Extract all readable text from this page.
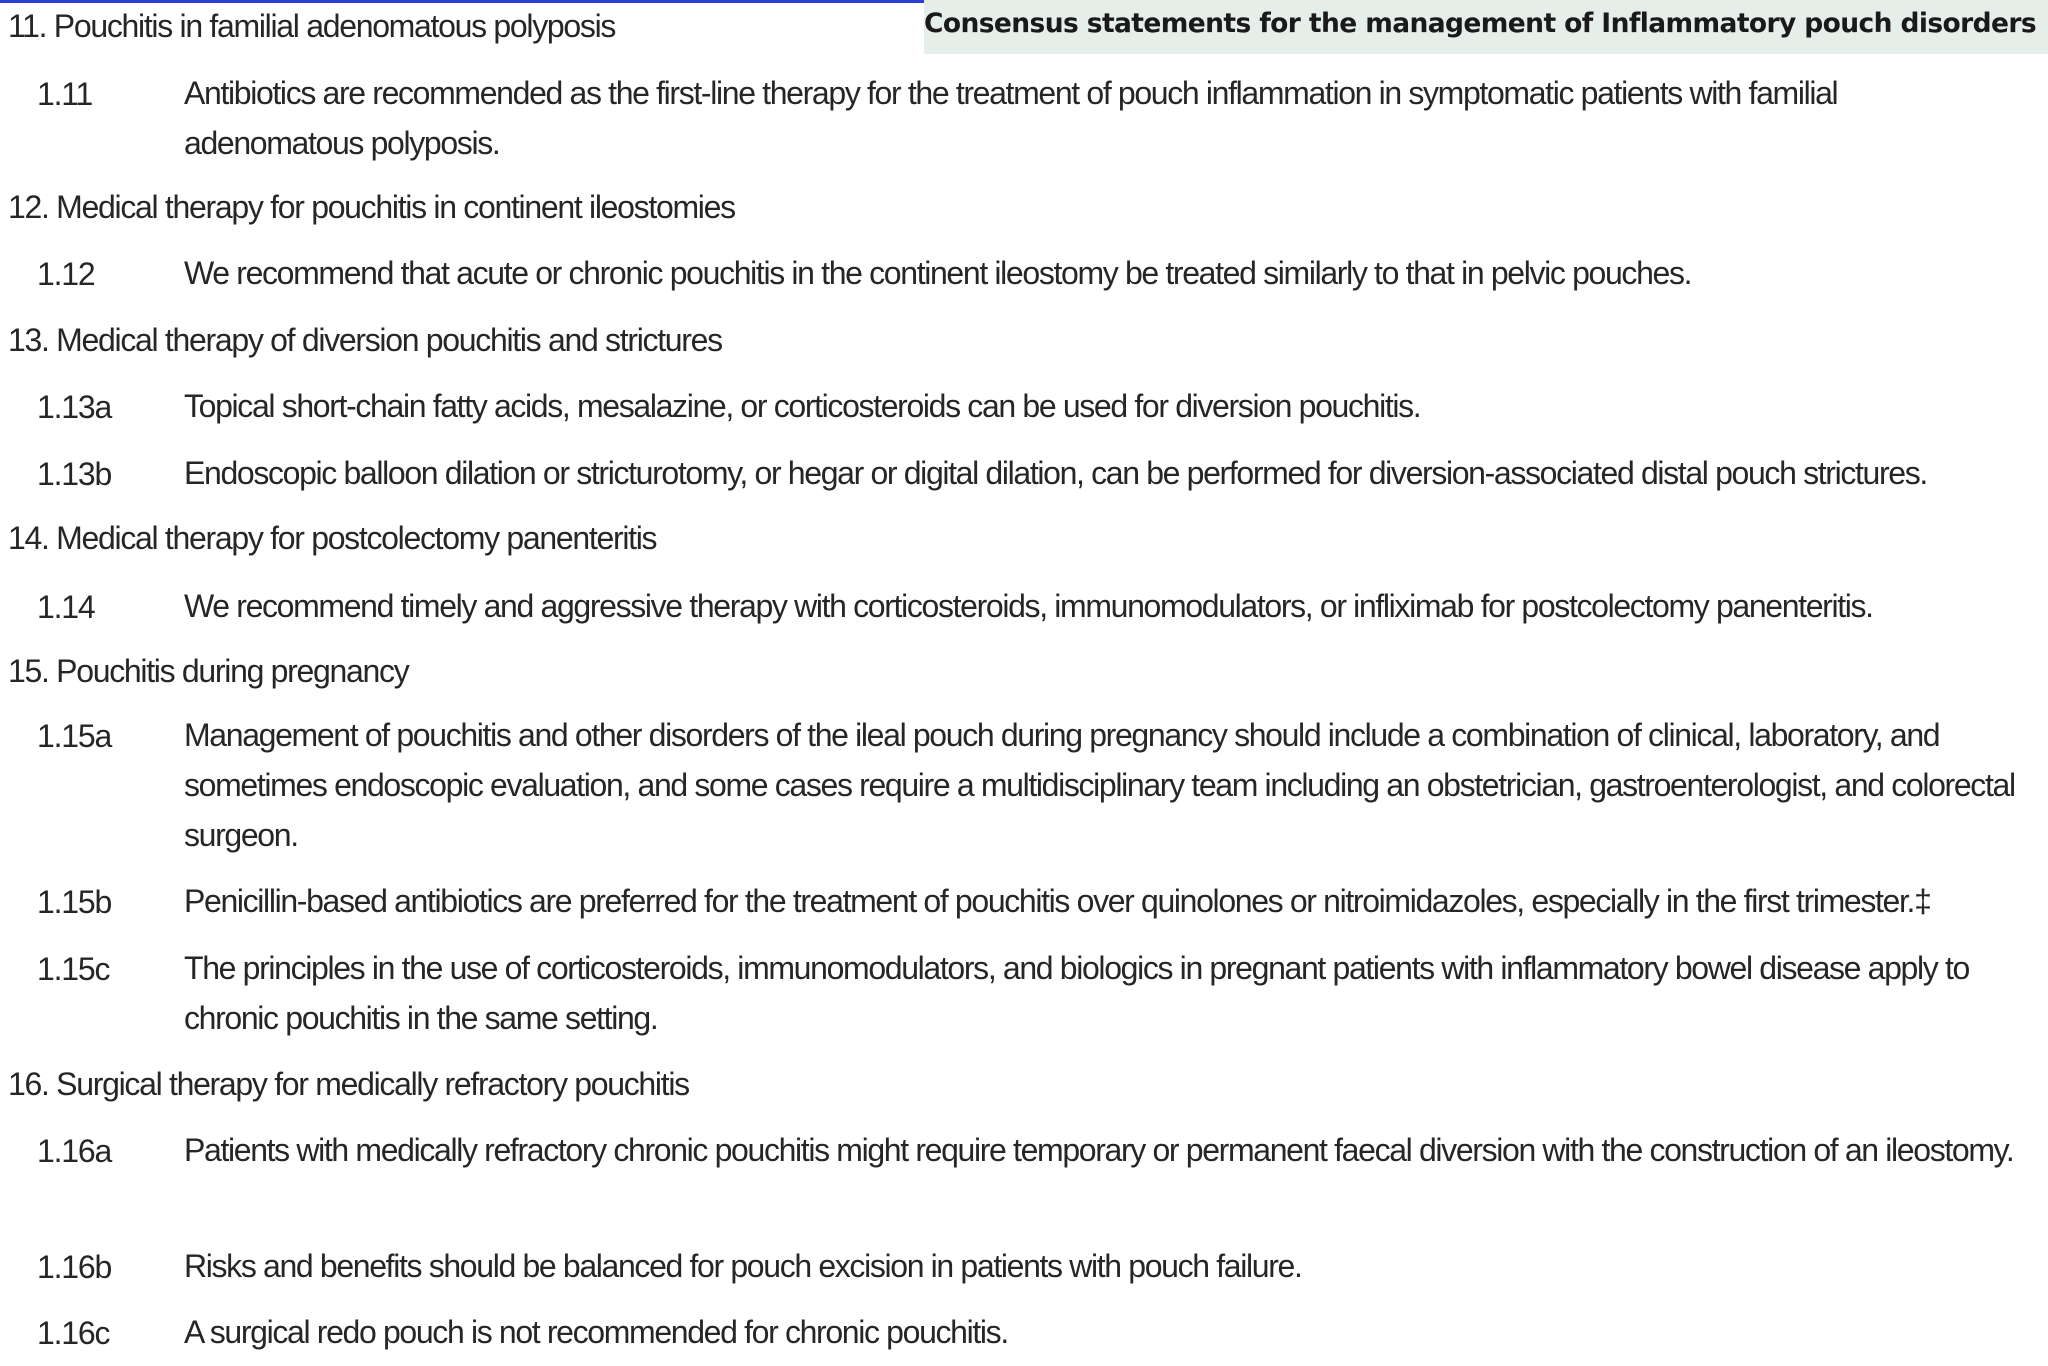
Consensus statements for the management of Inflammatory pouch disorders
11. Pouchitis in familial adenomatous polyposis
1.11	Antibiotics are recommended as the first-line therapy for the treatment of pouch inflammation in symptomatic patients with familial adenomatous polyposis.
12. Medical therapy for pouchitis in continent ileostomies
1.12	We recommend that acute or chronic pouchitis in the continent ileostomy be treated similarly to that in pelvic pouches.
13. Medical therapy of diversion pouchitis and strictures
1.13a Topical short-chain fatty acids, mesalazine, or corticosteroids can be used for diversion pouchitis.
1.13b Endoscopic balloon dilation or stricturotomy, or hegar or digital dilation, can be performed for diversion-associated distal pouch strictures.
14. Medical therapy for postcolectomy panenteritis
1.14	We recommend timely and aggressive therapy with corticosteroids, immunomodulators, or infliximab for postcolectomy panenteritis.
15. Pouchitis during pregnancy
1.15a Management of pouchitis and other disorders of the ileal pouch during pregnancy should include a combination of clinical, laboratory, and sometimes endoscopic evaluation, and some cases require a multidisciplinary team including an obstetrician, gastroenterologist, and colorectal surgeon.
1.15b Penicillin-based antibiotics are preferred for the treatment of pouchitis over quinolones or nitroimidazoles, especially in the first trimester.‡
1.15c The principles in the use of corticosteroids, immunomodulators, and biologics in pregnant patients with inflammatory bowel disease apply to chronic pouchitis in the same setting.
16. Surgical therapy for medically refractory pouchitis
1.16a Patients with medically refractory chronic pouchitis might require temporary or permanent faecal diversion with the construction of an ileostomy.
1.16b Risks and benefits should be balanced for pouch excision in patients with pouch failure.
1.16c A surgical redo pouch is not recommended for chronic pouchitis.
